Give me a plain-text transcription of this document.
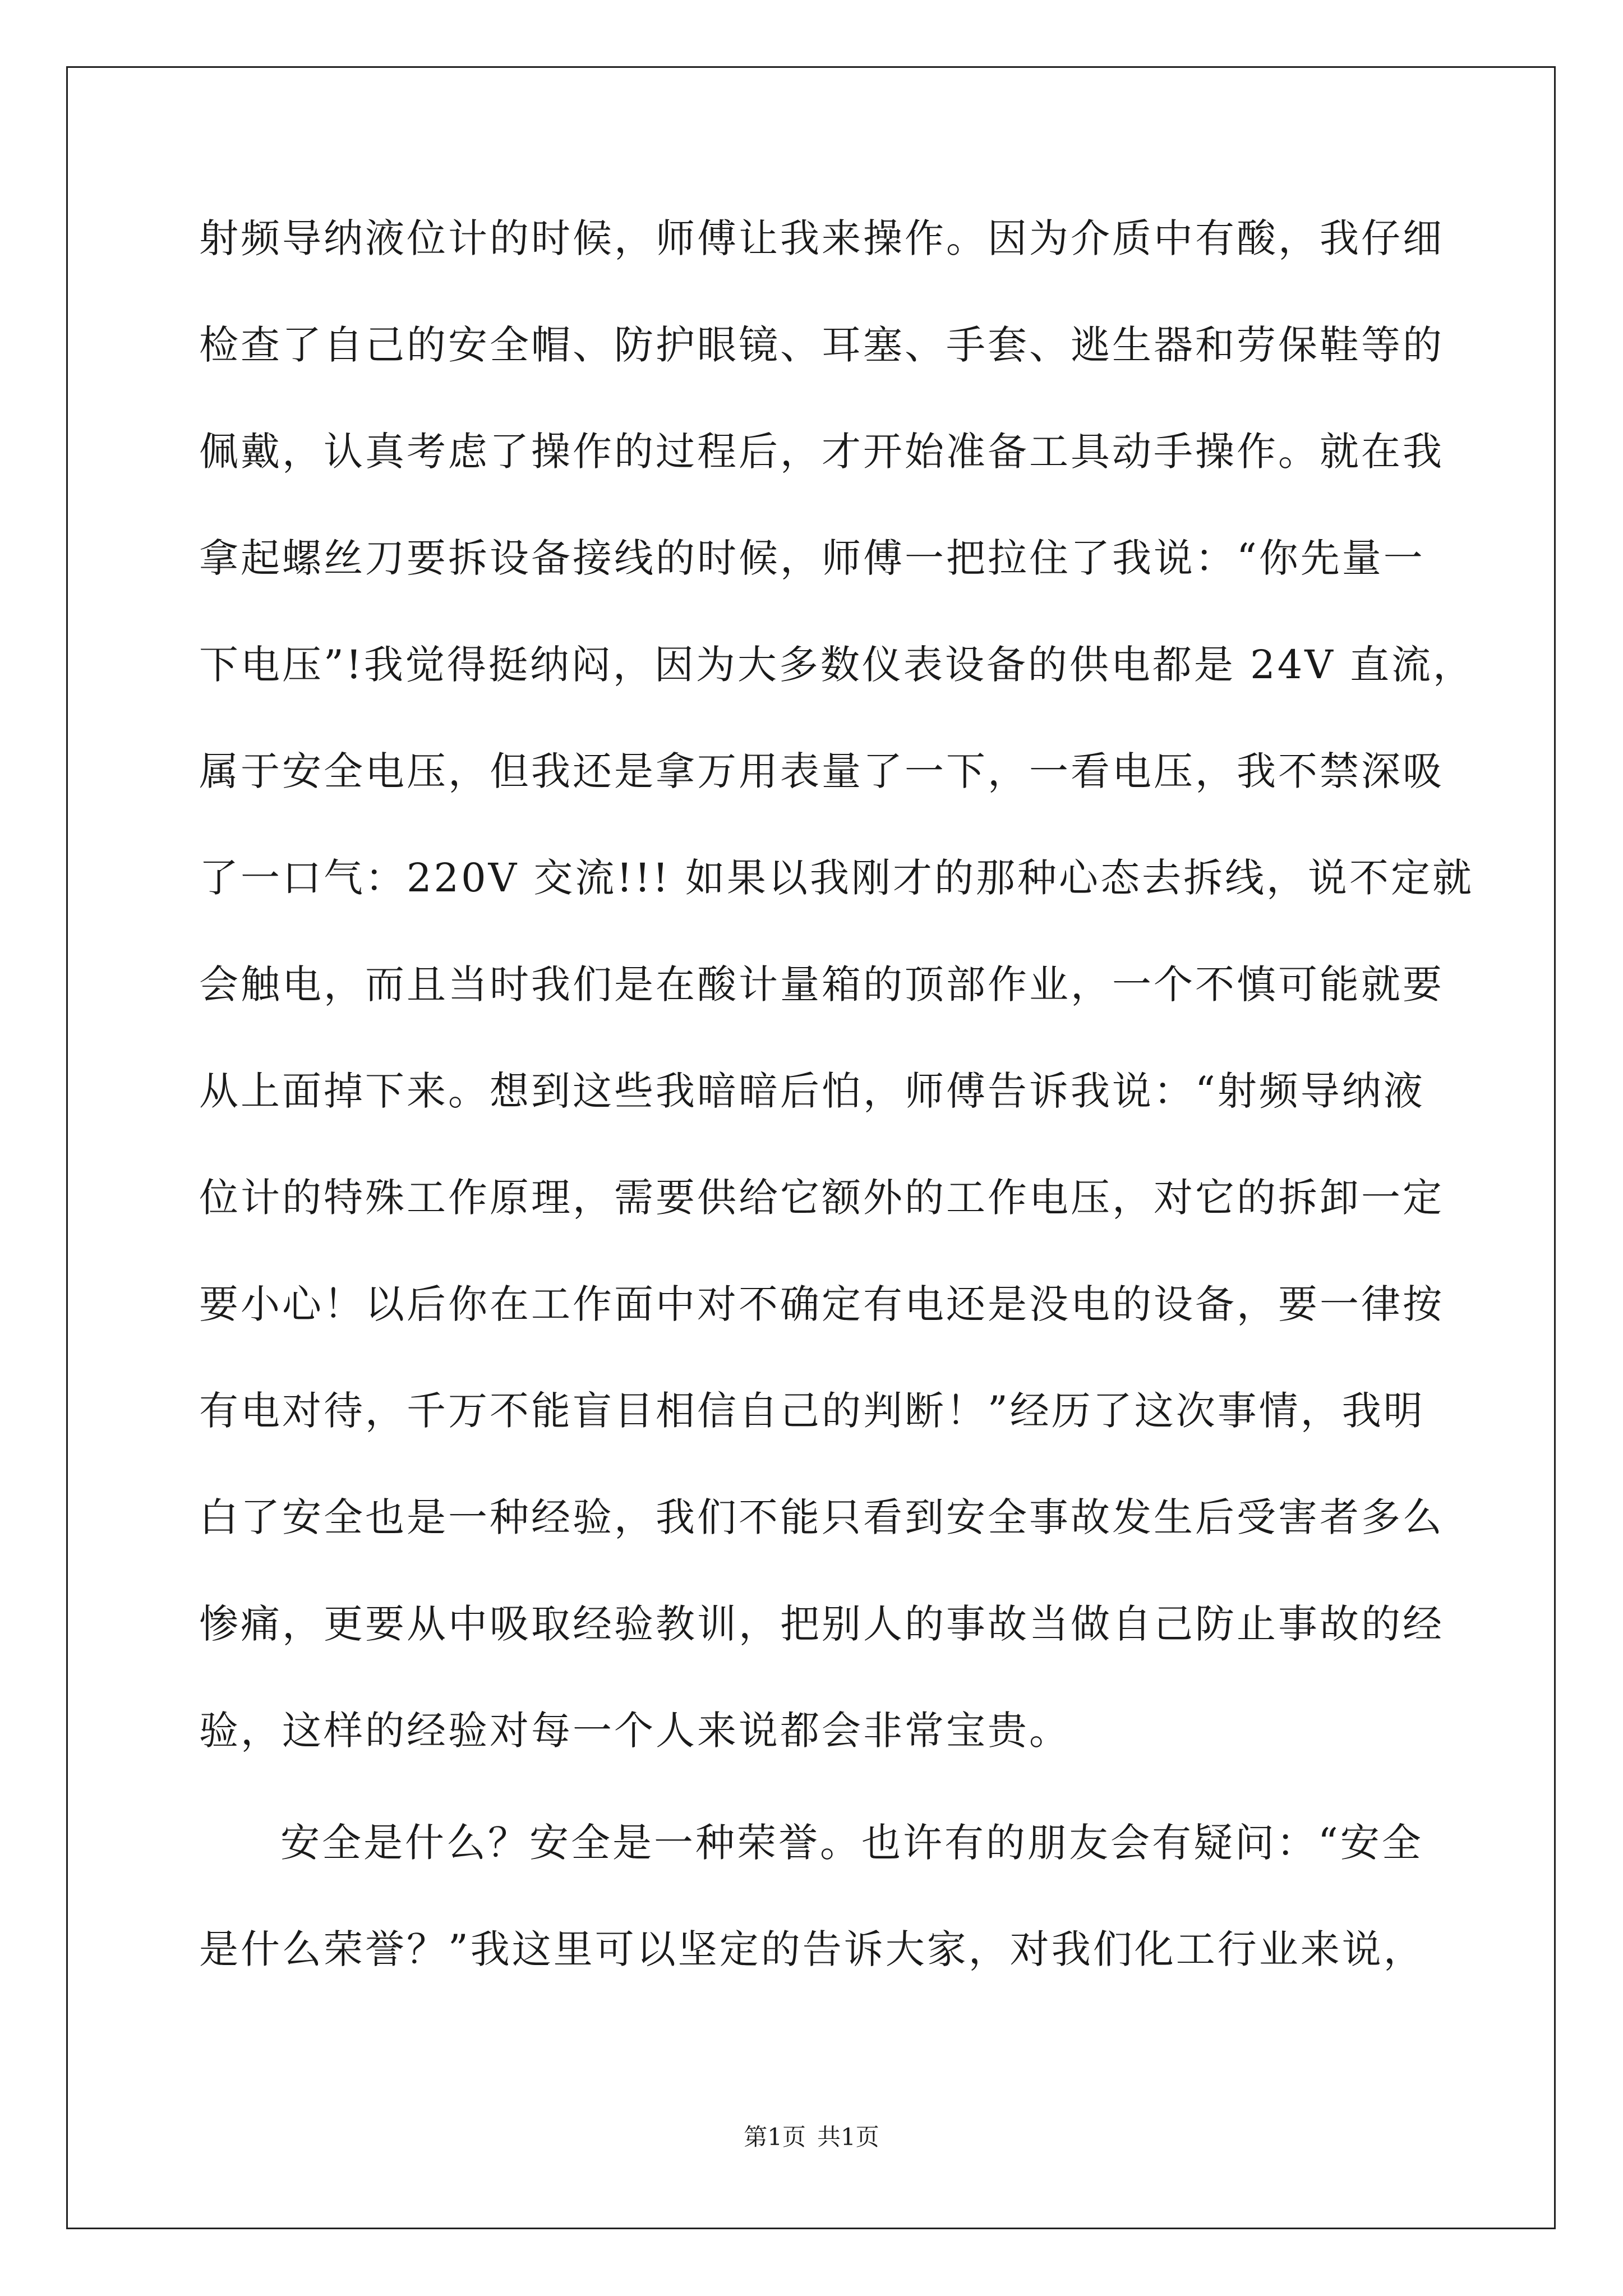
射频导纳液位计的时候，师傅让我来操作。因为介质中有酸，我仔细
检查了自己的安全帽、防护眼镜、耳塞、手套、逃生器和劳保鞋等的
佩戴，认真考虑了操作的过程后，才开始准备工具动手操作。就在我
拿起螺丝刀要拆设备接线的时候，师傅一把拉住了我说：“你先量一
下电压”!我觉得挺纳闷，因为大多数仪表设备的供电都是 24V 直流，
属于安全电压，但我还是拿万用表量了一下，一看电压，我不禁深吸
了一口气：220V 交流!!! 如果以我刚才的那种心态去拆线，说不定就
会触电，而且当时我们是在酸计量箱的顶部作业，一个不慎可能就要
从上面掉下来。想到这些我暗暗后怕，师傅告诉我说：“射频导纳液
位计的特殊工作原理，需要供给它额外的工作电压，对它的拆卸一定
要小心！以后你在工作面中对不确定有电还是没电的设备，要一律按
有电对待，千万不能盲目相信自己的判断！”经历了这次事情，我明
白了安全也是一种经验，我们不能只看到安全事故发生后受害者多么
惨痛，更要从中吸取经验教训，把别人的事故当做自己防止事故的经
验，这样的经验对每一个人来说都会非常宝贵。
安全是什么？安全是一种荣誉。也许有的朋友会有疑问：“安全
是什么荣誉？”我这里可以坚定的告诉大家，对我们化工行业来说，
第1页 共1页
